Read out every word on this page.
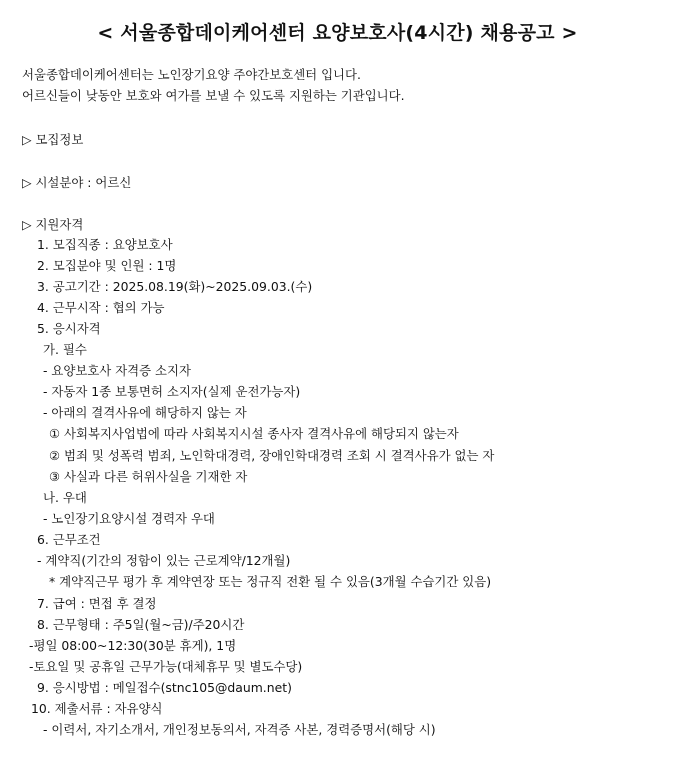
< 서울종합데이케어센터 요양보호사(4시간) 채용공고 >
서울종합데이케어센터는 노인장기요양 주야간보호센터 입니다.
어르신들이 낮동안 보호와 여가를 보낼 수 있도록 지원하는 기관입니다.
▷ 모집정보
▷ 시설분야 : 어르신
▷ 지원자격
1. 모집직종 : 요양보호사
2. 모집분야 및 인원 : 1명
3. 공고기간 : 2025.08.19(화)~2025.09.03.(수)
4. 근무시작 : 협의 가능
5. 응시자격
가. 필수
- 요양보호사 자격증 소지자
- 자동자 1종 보통면허 소지자(실제 운전가능자)
- 아래의 결격사유에 해당하지 않는 자
① 사회복지사업법에 따라 사회복지시설 종사자 결격사유에 해당되지 않는자
② 범죄 및 성폭력 범죄, 노인학대경력, 장애인학대경력 조회 시 결격사유가 없는 자
③ 사실과 다른 허위사실을 기재한 자
나. 우대
- 노인장기요양시설 경력자 우대
6. 근무조건
- 계약직(기간의 정함이 있는 근로계약/12개월)
* 계약직근무 평가 후 계약연장 또는 정규직 전환 될 수 있음(3개월 수습기간 있음)
7. 급여 : 면접 후 결정
8. 근무형태 : 주5일(월~금)/주20시간
-평일 08:00~12:30(30분 휴게), 1명
-토요일 및 공휴일 근무가능(대체휴무 및 별도수당)
9. 응시방법 : 메일접수(stnc105@daum.net)
10. 제출서류 : 자유양식
- 이력서, 자기소개서, 개인정보동의서, 자격증 사본, 경력증명서(해당 시)
